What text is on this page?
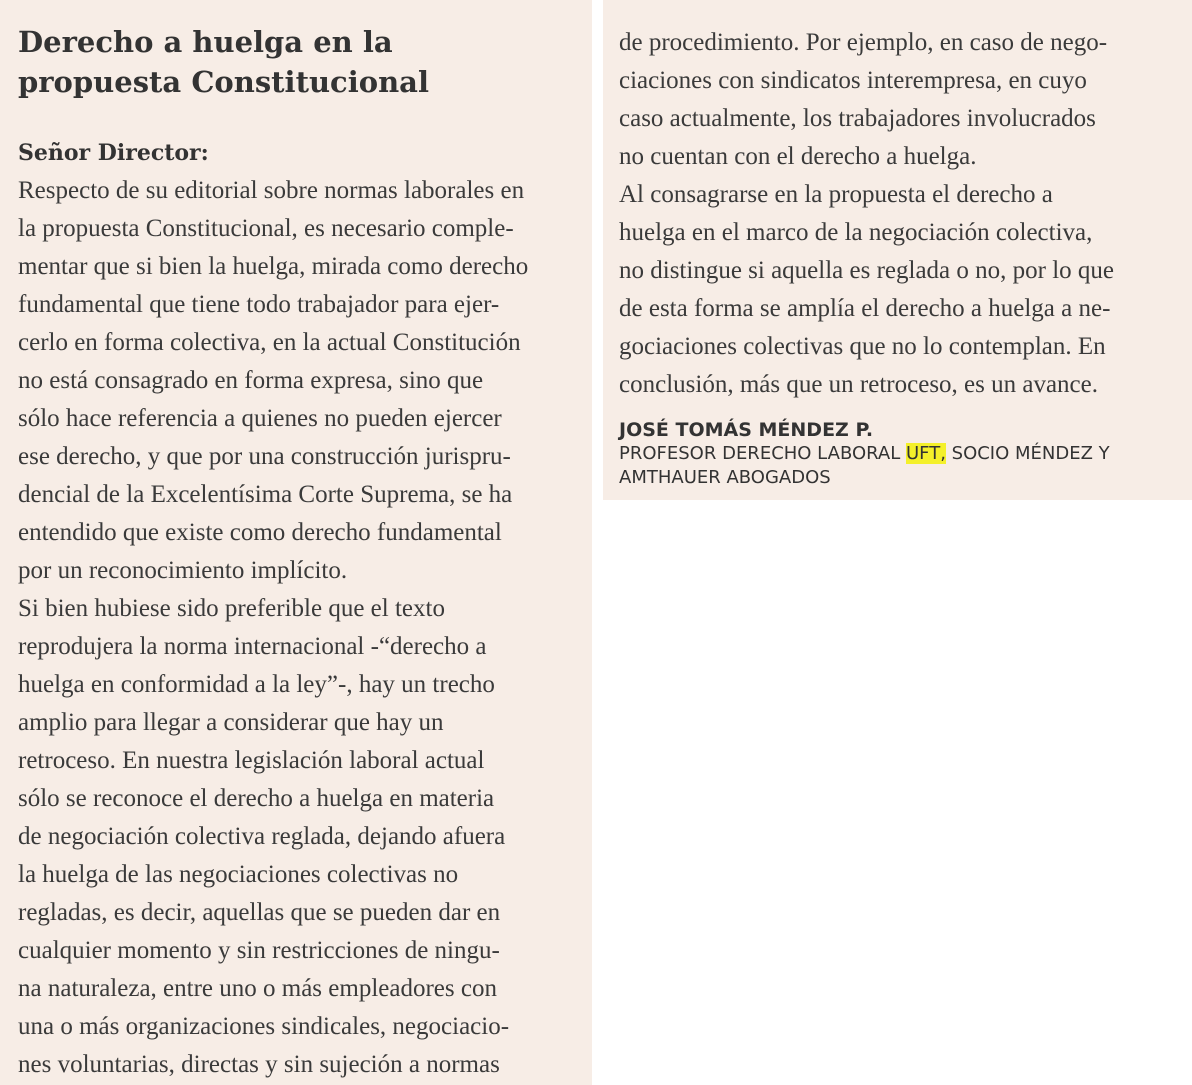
Derecho a huelga en la
propuesta Constitucional

Señor Director:

Respecto de su editorial sobre normas laborales en
la propuesta Constitucional, es necesario comple-
mentar que si bien la huelga, mirada como derecho
fundamental que tiene todo trabajador para ejer-
cerlo en forma colectiva, en la actual Constitución
no está consagrado en forma expresa, sino que
sólo hace referencia a quienes no pueden ejercer
ese derecho, y que por una construcción jurispru-
dencial de la Excelentísima Corte Suprema, se ha
entendido que existe como derecho fundamental
por un reconocimiento implícito.

Si bien hubiese sido preferible que el texto
reprodujera la norma internacional -“derecho a
huelga en conformidad a la ley”-, hay un trecho
amplio para llegar a considerar que hay un
retroceso. En nuestra legislación laboral actual
sólo se reconoce el derecho a huelga en materia
de negociación colectiva reglada, dejando afuera
la huelga de las negociaciones colectivas no
regladas, es decir, aquellas que se pueden dar en
cualquier momento y sin restricciones de ningu-
na naturaleza, entre uno o más empleadores con
una o más organizaciones sindicales, negociacio-
nes voluntarias, directas y sin sujeción a normas

de procedimiento. Por ejemplo, en caso de nego-
ciaciones con sindicatos interempresa, en cuyo
caso actualmente, los trabajadores involucrados
no cuentan con el derecho a huelga.

Al consagrarse en la propuesta el derecho a
huelga en el marco de la negociación colectiva,
no distingue si aquella es reglada o no, por lo que
de esta forma se amplía el derecho a huelga a ne-
gociaciones colectivas que no lo contemplan. En
conclusión, más que un retroceso, es un avance.

JOSÉ TOMÁS MÉNDEZ P.
PROFESOR DERECHO LABORAL UFT, SOCIO MÉNDEZ Y
AMTHAUER ABOGADOS
